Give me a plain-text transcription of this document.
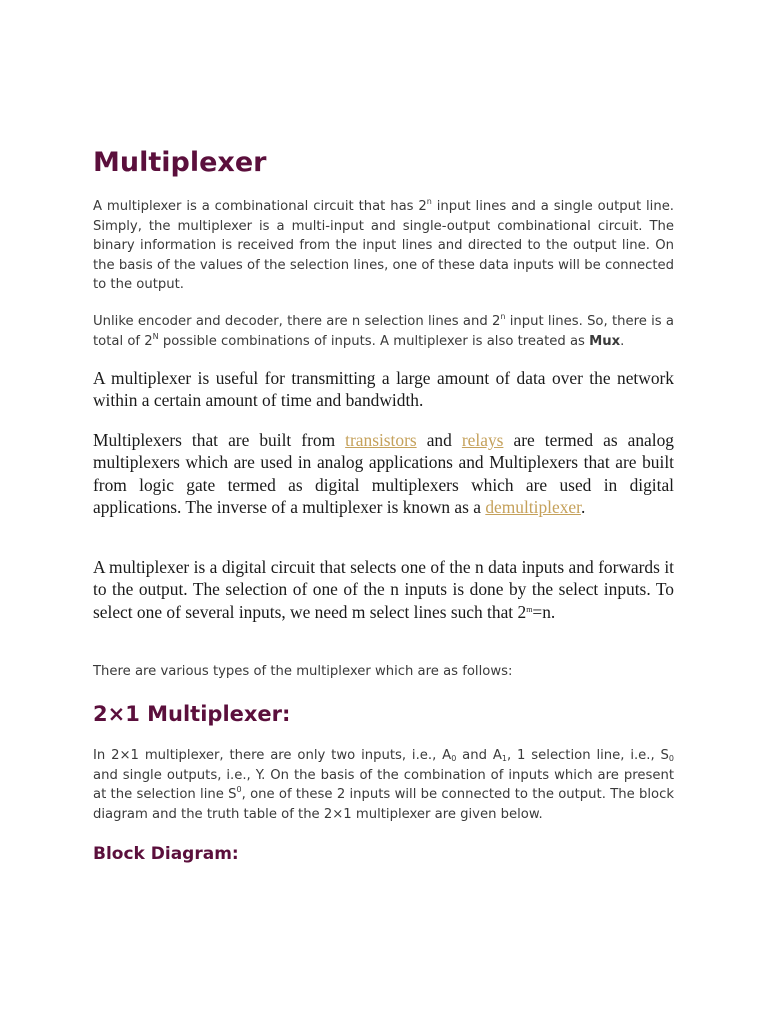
Multiplexer

A multiplexer is a combinational circuit that has 2$^n$ input lines and a single output line. Simply, the multiplexer is a multi-input and single-output combinational circuit. The binary information is received from the input lines and directed to the output line. On the basis of the values of the selection lines, one of these data inputs will be connected to the output.

Unlike encoder and decoder, there are n selection lines and 2$^n$ input lines. So, there is a total of $2^N$ possible combinations of inputs. A multiplexer is also treated as Mux.

A multiplexer is useful for transmitting a large amount of data over the network within a certain amount of time and bandwidth.

Multiplexers that are built from transistors and relays are termed as analog multiplexers which are used in analog applications and Multiplexers that are built from logic gate termed as digital multiplexers which are used in digital applications. The inverse of a multiplexer is known as a demultiplexer.

A multiplexer is a digital circuit that selects one of the n data inputs and forwards it to the output. The selection of one of the n inputs is done by the select inputs. To select one of several inputs, we need m select lines such that $2^m=n$.

There are various types of the multiplexer which are as follows:

2×1 Multiplexer:

In 2×1 multiplexer, there are only two inputs, i.e., $A_0$ and $A_1$, 1 selection line, i.e., $S_0$ and single outputs, i.e., Y. On the basis of the combination of inputs which are present at the selection line $S^0$, one of these 2 inputs will be connected to the output. The block diagram and the truth table of the 2×1 multiplexer are given below.

Block Diagram:
